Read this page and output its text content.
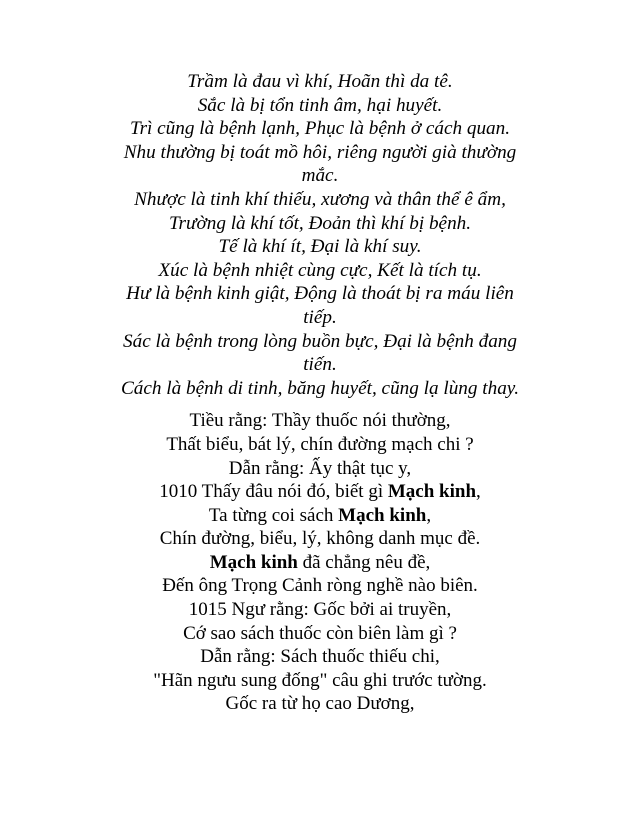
Trầm là đau vì khí, Hoãn thì da tê.
Sắc là bị tổn tinh âm, hại huyết.
Trì cũng là bệnh lạnh, Phục là bệnh ở cách quan.
Nhu thường bị toát mồ hôi, riêng người già thường
mắc.
Nhược là tinh khí thiếu, xương và thân thể ê ẩm,
Trường là khí tốt, Đoản thì khí bị bệnh.
Tế là khí ít, Đại là khí suy.
Xúc là bệnh nhiệt cùng cực, Kết là tích tụ.
Hư là bệnh kinh giật, Động là thoát bị ra máu liên
tiếp.
Sác là bệnh trong lòng buồn bực, Đại là bệnh đang
tiến.
Cách là bệnh di tinh, băng huyết, cũng lạ lùng thay.
Tiều rằng: Thầy thuốc nói thường,
Thất biểu, bát lý, chín đường mạch chi ?
Dẫn rằng: Ấy thật tục y,
1010 Thấy đâu nói đó, biết gì Mạch kinh,
Ta từng coi sách Mạch kinh,
Chín đường, biểu, lý, không danh mục đề.
Mạch kinh đã chẳng nêu đề,
Đến ông Trọng Cảnh ròng nghề nào biên.
1015 Ngư rằng: Gốc bởi ai truyền,
Cớ sao sách thuốc còn biên làm gì ?
Dẫn rằng: Sách thuốc thiếu chi,
"Hãn ngưu sung đống" câu ghi trước tường.
Gốc ra từ họ cao Dương,
